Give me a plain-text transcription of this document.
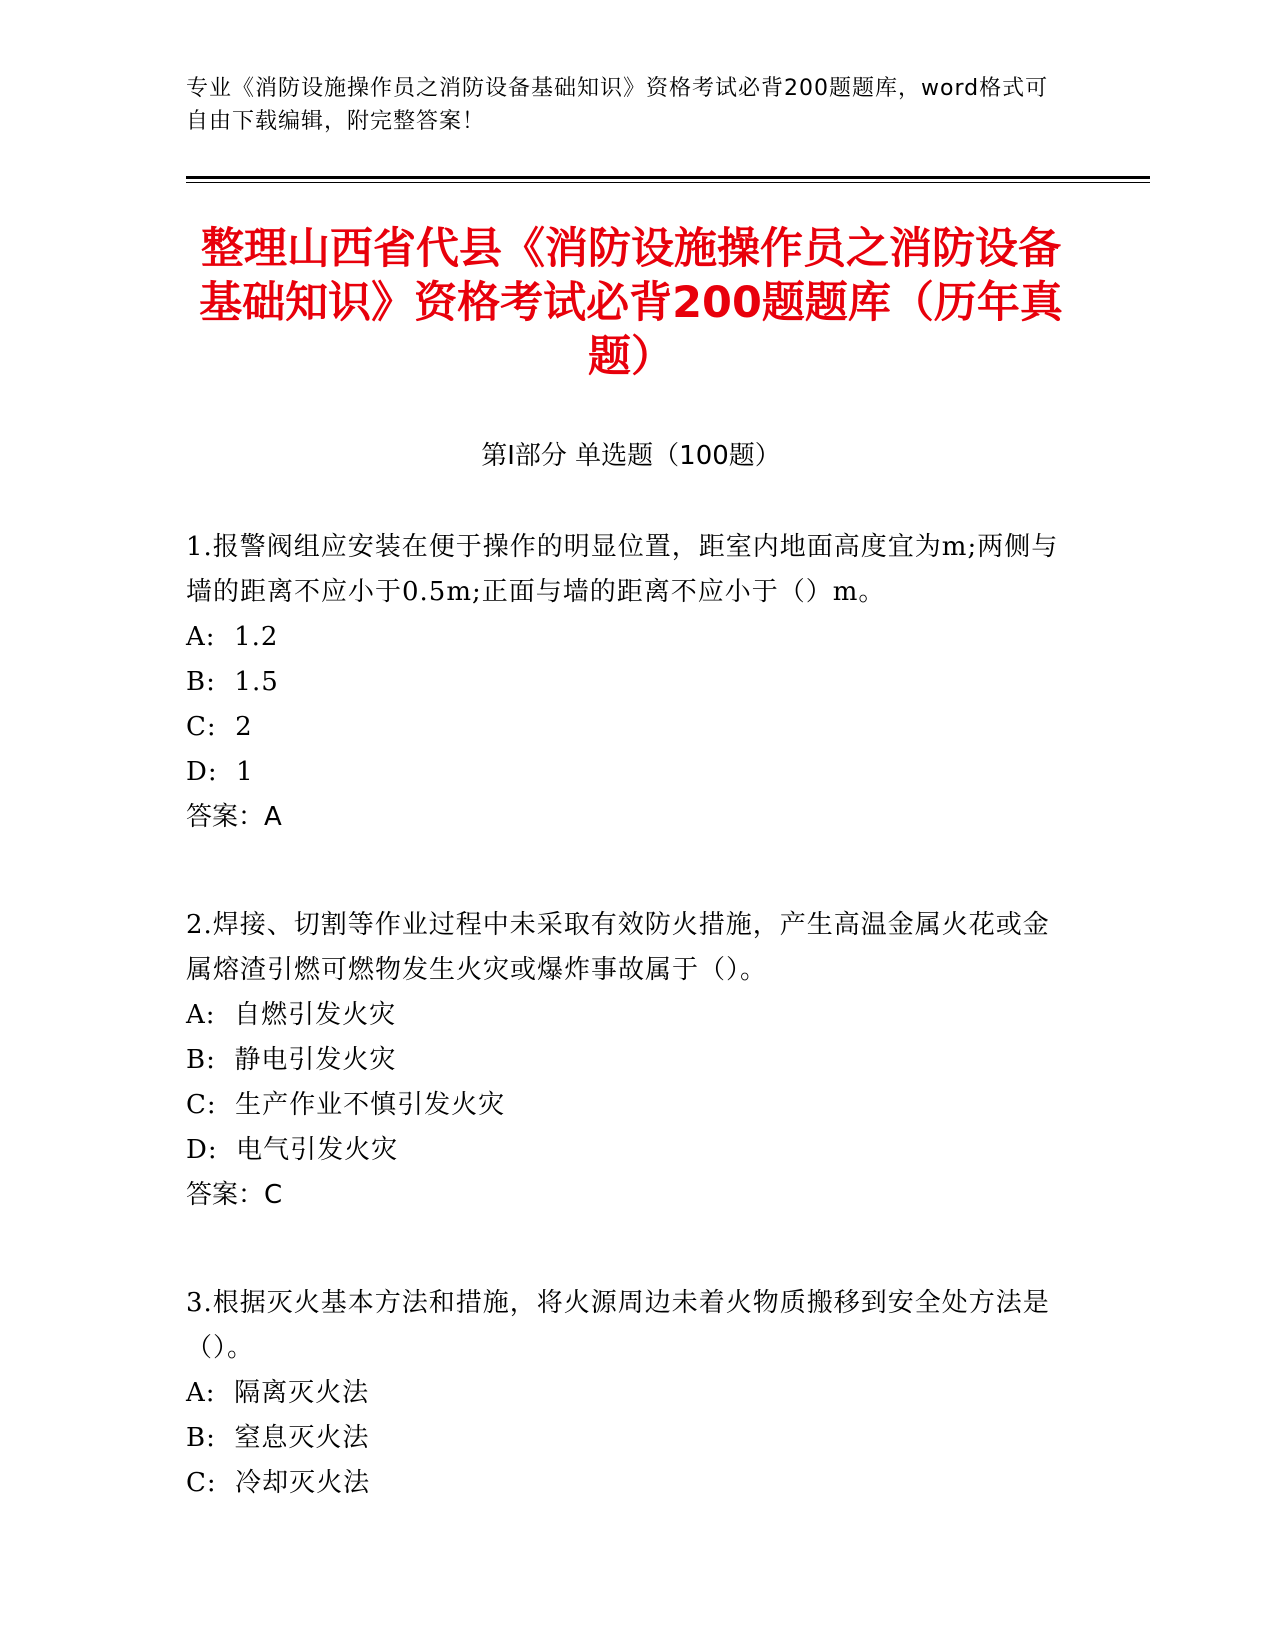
专业《消防设施操作员之消防设备基础知识》资格考试必背200题题库，word格式可自由下载编辑，附完整答案！
整理山西省代县《消防设施操作员之消防设备基础知识》资格考试必背200题题库（历年真题）
第Ⅰ部分 单选题（100题）

1.报警阀组应安装在便于操作的明显位置，距室内地面高度宜为m;两侧与墙的距离不应小于0.5m;正面与墙的距离不应小于（）m。

A:  1.2

B:  1.5

C:  2

D:  1

答案：A

2.焊接、切割等作业过程中未采取有效防火措施，产生高温金属火花或金属熔渣引燃可燃物发生火灾或爆炸事故属于（）。

A:  自燃引发火灾

B:  静电引发火灾

C:  生产作业不慎引发火灾

D:  电气引发火灾

答案：C

3.根据灭火基本方法和措施，将火源周边未着火物质搬移到安全处方法是（）。

A:  隔离灭火法

B:  窒息灭火法

C:  冷却灭火法
